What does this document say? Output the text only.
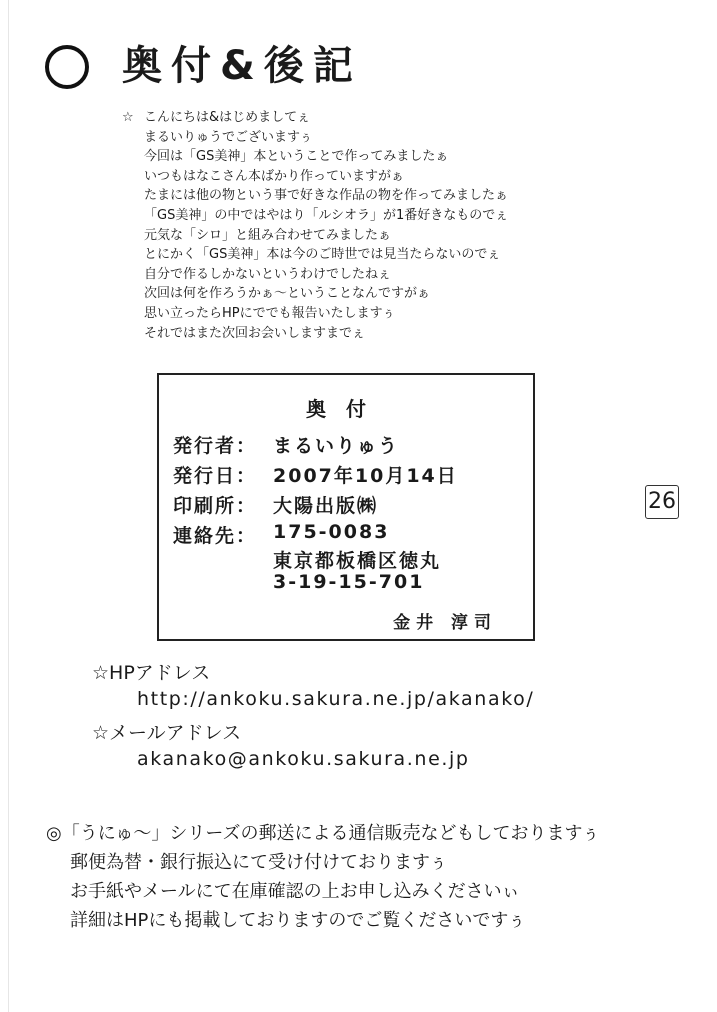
奥付&後記
☆ こんにちは&はじめましてぇ
まるいりゅうでございますぅ
今回は「GS美神」本ということで作ってみましたぁ
いつもはなこさん本ばかり作っていますがぁ
たまには他の物という事で好きな作品の物を作ってみましたぁ
「GS美神」の中ではやはり「ルシオラ」が1番好きなものでぇ
元気な「シロ」と組み合わせてみましたぁ
とにかく「GS美神」本は今のご時世では見当たらないのでぇ
自分で作るしかないというわけでしたねぇ
次回は何を作ろうかぁ〜ということなんですがぁ
思い立ったらHPにででも報告いたしますぅ
それではまた次回お会いしますまでぇ
奥付
発行者： まるいりゅう
発行日： 2007年10月14日
印刷所： 大陽出版㈱
連絡先： 175-0083
東京都板橋区徳丸
3-19-15-701
金井 淳司
26
☆HPアドレス
http://ankoku.sakura.ne.jp/akanako/
☆メールアドレス
akanako@ankoku.sakura.ne.jp
◎「うにゅ〜」シリーズの郵送による通信販売などもしておりますぅ
郵便為替・銀行振込にて受け付けておりますぅ
お手紙やメールにて在庫確認の上お申し込みくださいぃ
詳細はHPにも掲載しておりますのでご覧くださいですぅ
